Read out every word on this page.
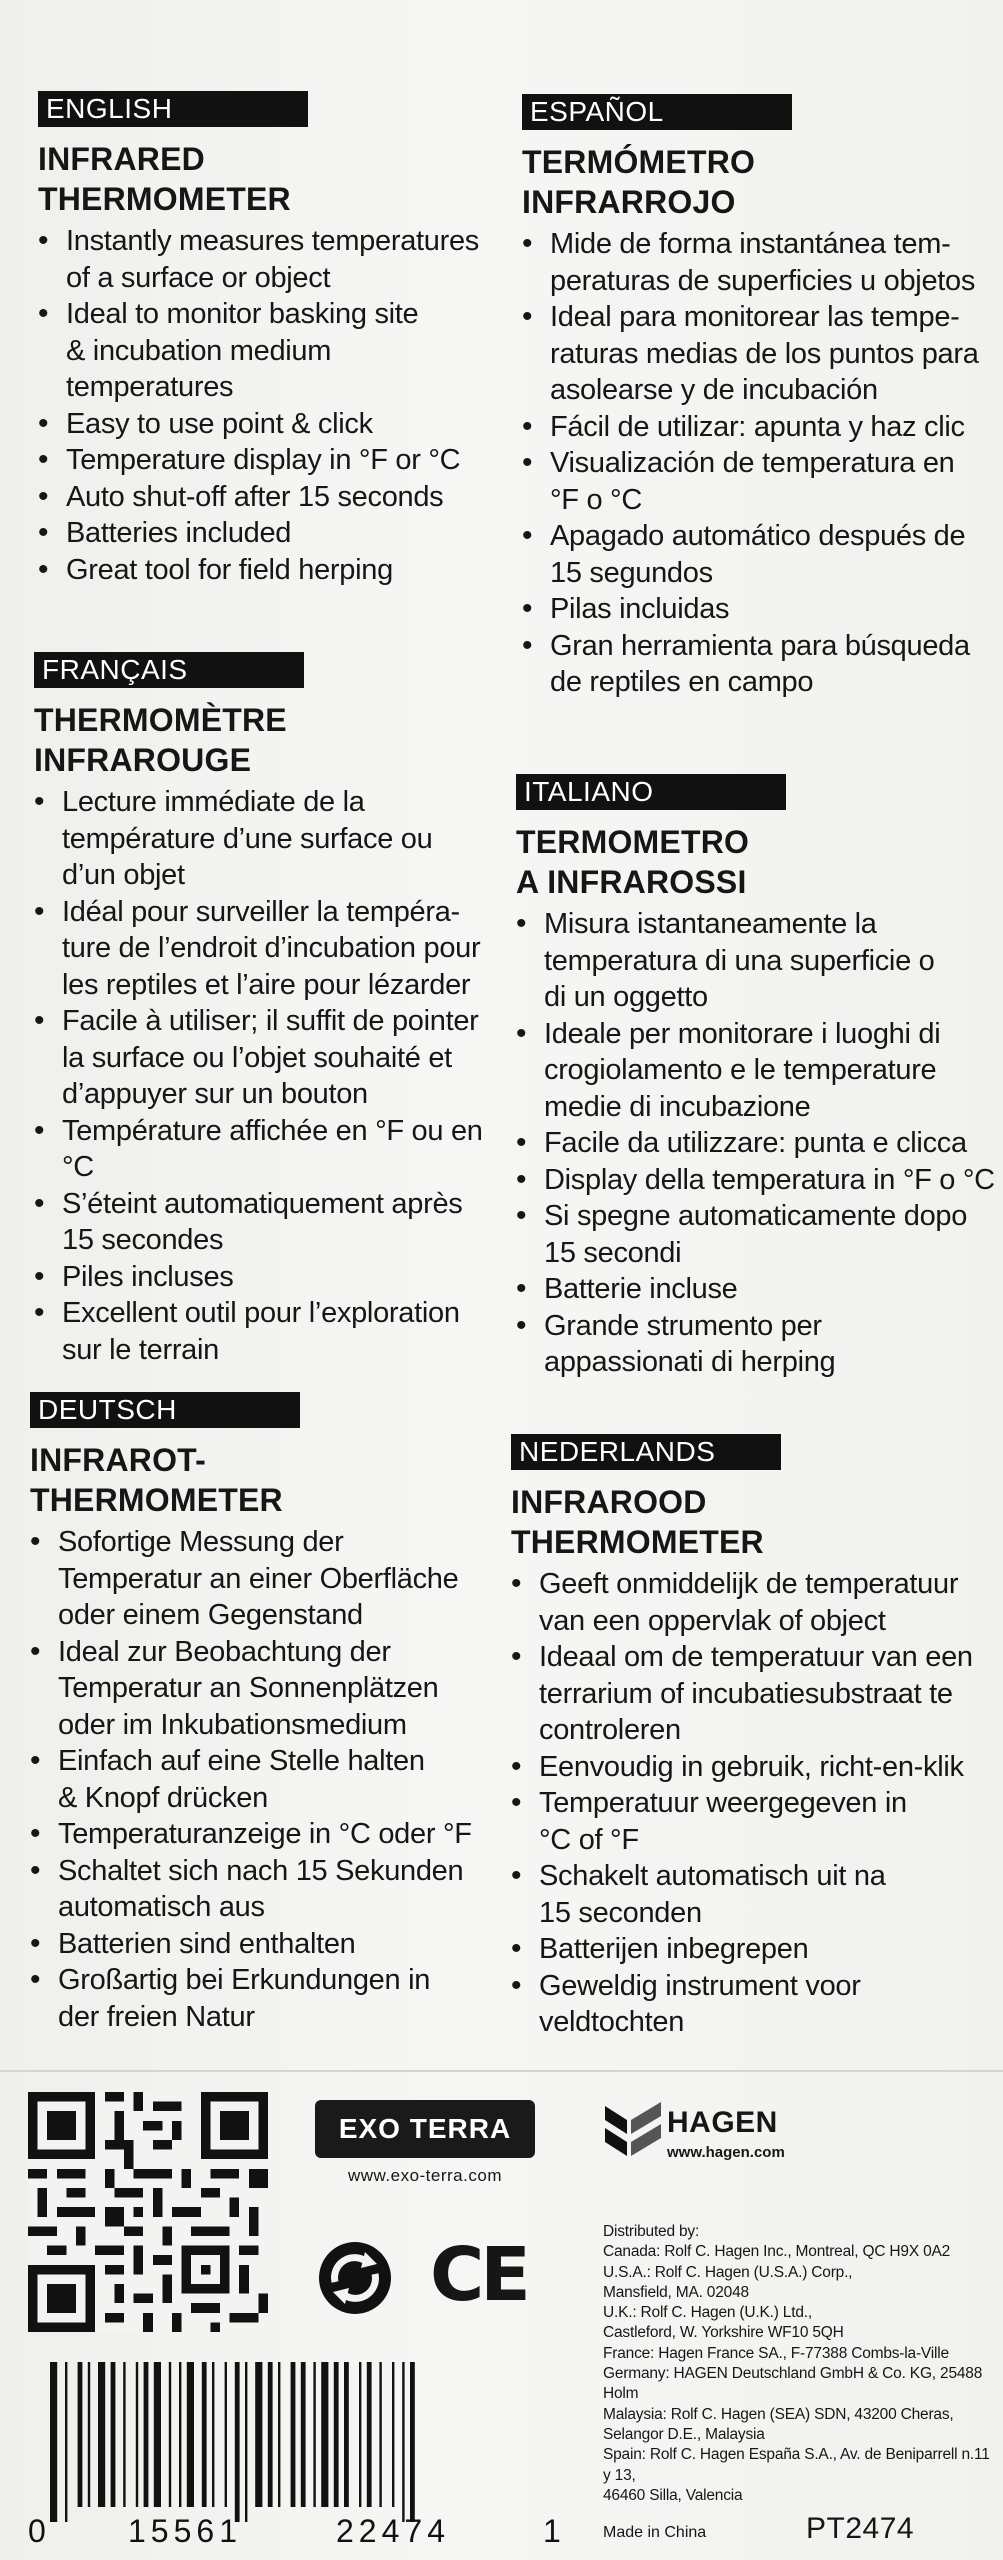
ENGLISH
INFRARED
THERMOMETER
• Instantly measures temperatures
of a surface or object
• Ideal to monitor basking site
& incubation medium
temperatures
• Easy to use point & click
• Temperature display in °F or °C
• Auto shut-off after 15 seconds
• Batteries included
• Great tool for field herping
FRANÇAIS
THERMOMÈTRE
INFRAROUGE
• Lecture immédiate de la
température d’une surface ou
d’un objet
• Idéal pour surveiller la tempéra-
ture de l’endroit d’incubation pour
les reptiles et l’aire pour lézarder
• Facile à utiliser; il suffit de pointer
la surface ou l’objet souhaité et
d’appuyer sur un bouton
• Température affichée en °F ou en °C
• S’éteint automatiquement après
15 secondes
• Piles incluses
• Excellent outil pour l’exploration
sur le terrain
DEUTSCH
INFRAROT-
THERMOMETER
• Sofortige Messung der
Temperatur an einer Oberfläche
oder einem Gegenstand
• Ideal zur Beobachtung der
Temperatur an Sonnenplätzen
oder im Inkubationsmedium
• Einfach auf eine Stelle halten
& Knopf drücken
• Temperaturanzeige in °C oder °F
• Schaltet sich nach 15 Sekunden
automatisch aus
• Batterien sind enthalten
• Großartig bei Erkundungen in
der freien Natur
ESPAÑOL
TERMÓMETRO
INFRARROJO
• Mide de forma instantánea tem-
peraturas de superficies u objetos
• Ideal para monitorear las tempe-
raturas medias de los puntos para
asolearse y de incubación
• Fácil de utilizar: apunta y haz clic
• Visualización de temperatura en
°F o °C
• Apagado automático después de
15 segundos
• Pilas incluidas
• Gran herramienta para búsqueda
de reptiles en campo
ITALIANO
TERMOMETRO
A INFRAROSSI
• Misura istantaneamente la
temperatura di una superficie o
di un oggetto
• Ideale per monitorare i luoghi di
crogiolamento e le temperature
medie di incubazione
• Facile da utilizzare: punta e clicca
• Display della temperatura in °F o °C
• Si spegne automaticamente dopo
15 secondi
• Batterie incluse
• Grande strumento per
appassionati di herping
NEDERLANDS
INFRAROOD
THERMOMETER
• Geeft onmiddelijk de temperatuur
van een oppervlak of object
• Ideaal om de temperatuur van een
terrarium of incubatiesubstraat te
controleren
• Eenvoudig in gebruik, richt-en-klik
• Temperatuur weergegeven in
°C of °F
• Schakelt automatisch uit na
15 seconden
• Batterijen inbegrepen
• Geweldig instrument voor
veldtochten
EXO TERRA
www.exo-terra.com
CE
HAGEN
www.hagen.com
Distributed by:
Canada: Rolf C. Hagen Inc., Montreal, QC H9X 0A2
U.S.A.: Rolf C. Hagen (U.S.A.) Corp.,
Mansfield, MA. 02048
U.K.: Rolf C. Hagen (U.K.) Ltd.,
Castleford, W. Yorkshire WF10 5QH
France: Hagen France SA., F-77388 Combs-la-Ville
Germany: HAGEN Deutschland GmbH & Co. KG, 25488 Holm
Malaysia: Rolf C. Hagen (SEA) SDN, 43200 Cheras,
Selangor D.E., Malaysia
Spain: Rolf C. Hagen España S.A., Av. de Beniparrell n.11 y 13,
46460 Silla, Valencia
0	15561	22474	1	Made in China	PT2474
